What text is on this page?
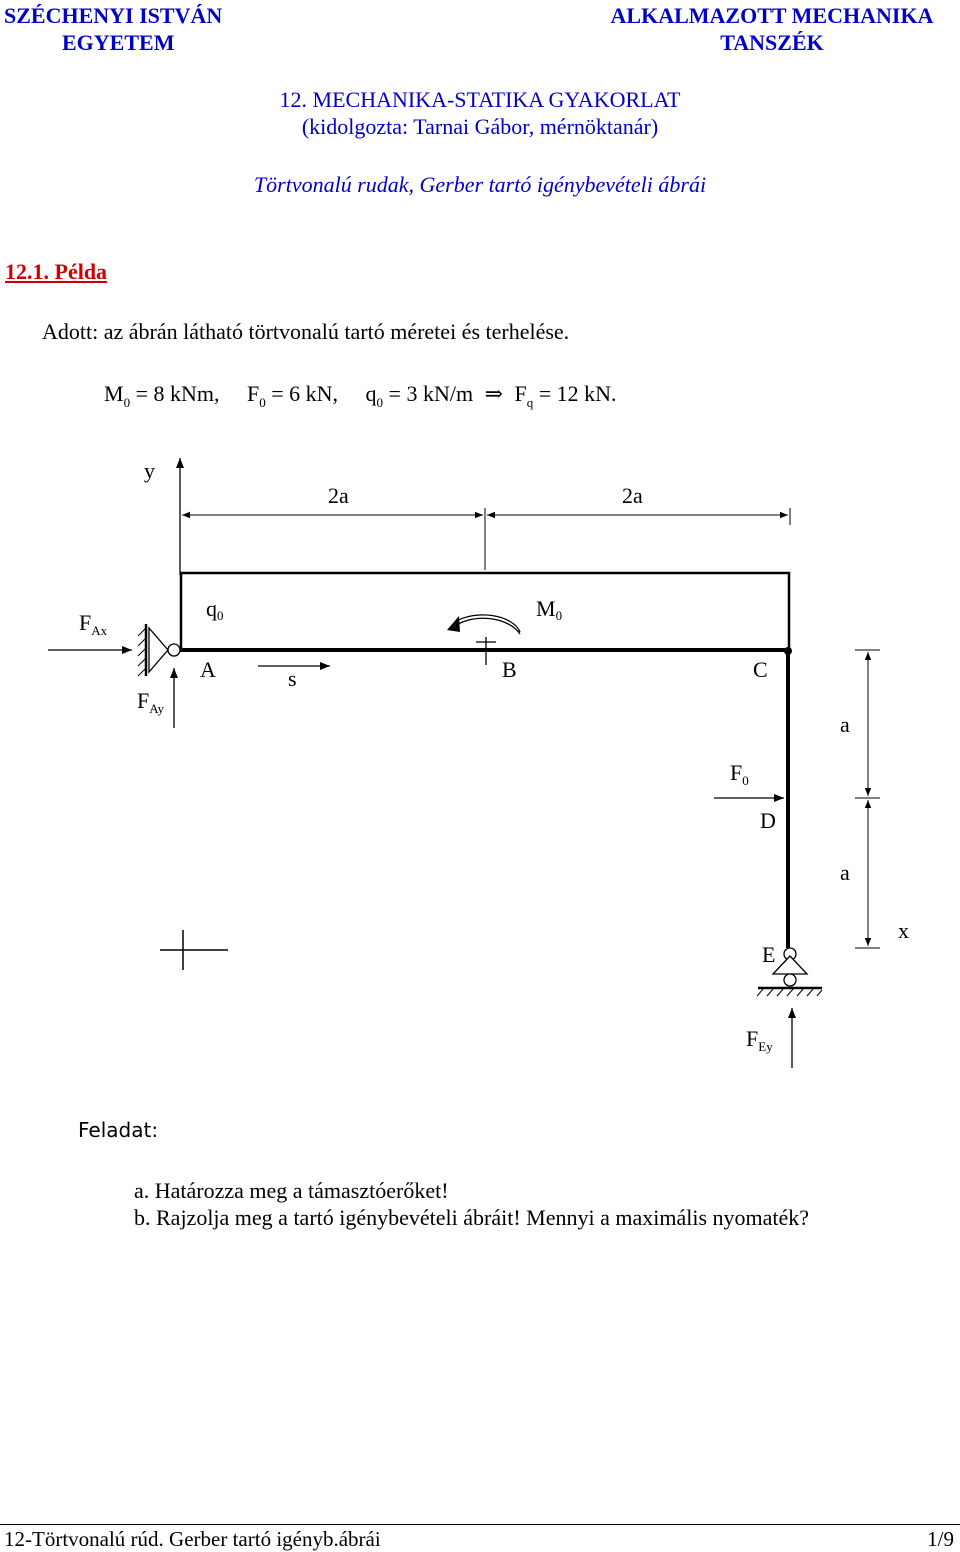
SZÉCHENYI ISTVÁN
EGYETEM
ALKALMAZOTT MECHANIKA
TANSZÉK
12. MECHANIKA-STATIKA GYAKORLAT
(kidolgozta: Tarnai Gábor, mérnöktanár)
Törtvonalú rudak, Gerber tartó igénybevételi ábrái
12.1. Példa
Adott: az ábrán látható törtvonalú tartó méretei és terhelése.
$M_0 = 8$ kNm, $F_0 = 6$ kN, $q_0 = 3$ kN/m ⇒ $F_q = 12$ kN.
y
2a	2a
q0	M0
$F_{Ax}$
$F_{Ay}$
s
A	B	C
D
E
$F_0$
a
a
x
$F_{Ey}$
Feladat:
a. Határozza meg a támasztóerőket!
b. Rajzolja meg a tartó igénybevételi ábráit! Mennyi a maximális nyomaték?
12-Törtvonalú rúd. Gerber tartó igényb.ábrái	1/9
